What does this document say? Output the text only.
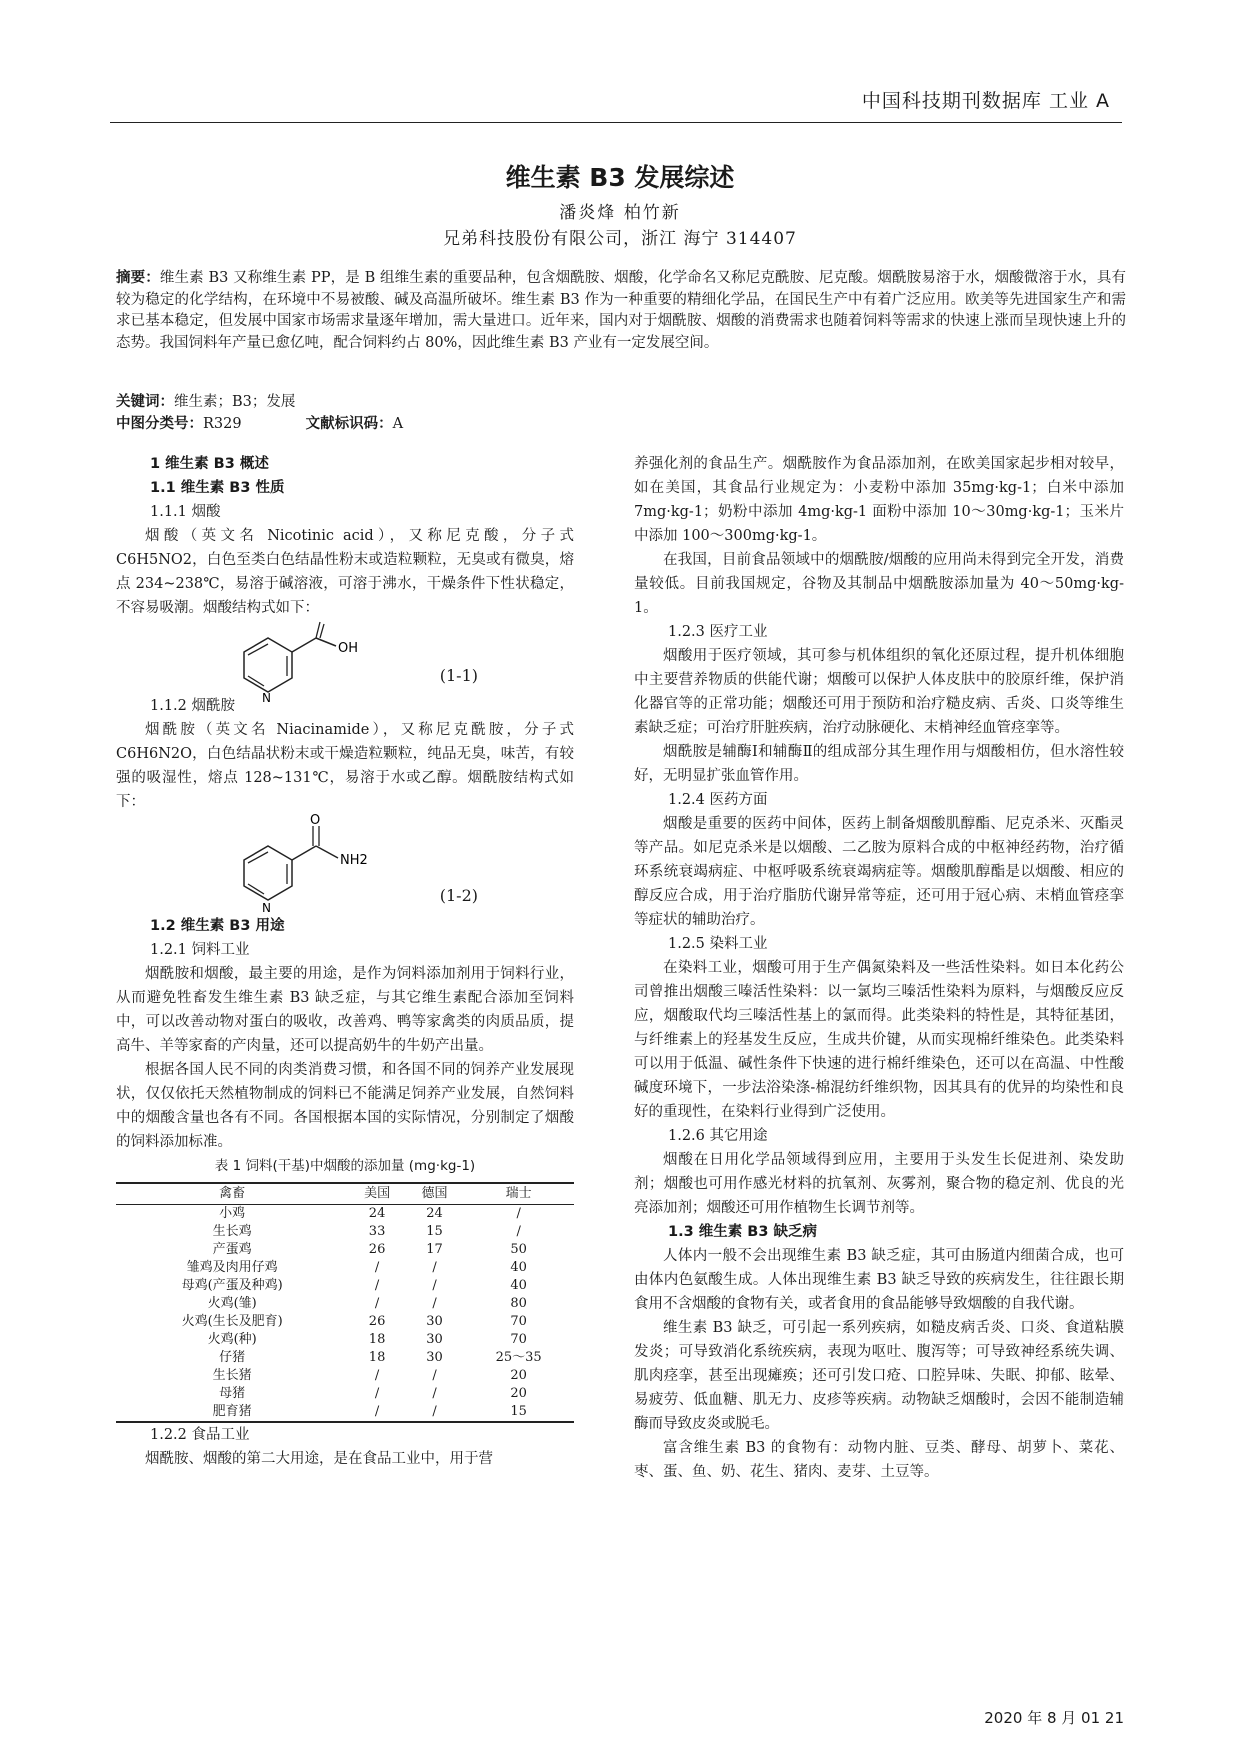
中国科技期刊数据库 工业 A
维生素 B3 发展综述
潘炎烽 柏竹新
兄弟科技股份有限公司，浙江 海宁 314407
摘要：维生素 B3 又称维生素 PP，是 B 组维生素的重要品种，包含烟酰胺、烟酸，化学命名又称尼克酰胺、尼克酸。烟酰胺易溶于水，烟酸微溶于水，具有较为稳定的化学结构，在环境中不易被酸、碱及高温所破坏。维生素 B3 作为一种重要的精细化学品，在国民生产中有着广泛应用。欧美等先进国家生产和需求已基本稳定，但发展中国家市场需求量逐年增加，需大量进口。近年来，国内对于烟酰胺、烟酸的消费需求也随着饲料等需求的快速上涨而呈现快速上升的态势。我国饲料年产量已愈亿吨，配合饲料约占 80%，因此维生素 B3 产业有一定发展空间。
关键词：维生素；B3；发展
中图分类号：R329	文献标识码：A
1 维生素 B3 概述
1.1 维生素 B3 性质
1.1.1 烟酸

烟酸（英文名 Nicotinic acid），又称尼克酸，分子式 C6H5NO2，白色至类白色结晶性粉末或造粒颗粒，无臭或有微臭，熔点 234~238℃，易溶于碱溶液，可溶于沸水，干燥条件下性状稳定，不容易吸潮。烟酸结构式如下：

OH
N
(1-1)
1.1.2 烟酰胺

烟酰胺（英文名 Niacinamide），又称尼克酰胺，分子式 C6H6N2O，白色结晶状粉末或干燥造粒颗粒，纯品无臭，味苦，有较强的吸湿性，熔点 128~131℃，易溶于水或乙醇。烟酰胺结构式如下：

O
NH2
N
(1-2)
1.2 维生素 B3 用途
1.2.1 饲料工业

烟酰胺和烟酸，最主要的用途，是作为饲料添加剂用于饲料行业，从而避免牲畜发生维生素 B3 缺乏症，与其它维生素配合添加至饲料中，可以改善动物对蛋白的吸收，改善鸡、鸭等家禽类的肉质品质，提高牛、羊等家畜的产肉量，还可以提高奶牛的牛奶产出量。

根据各国人民不同的肉类消费习惯，和各国不同的饲养产业发展现状，仅仅依托天然植物制成的饲料已不能满足饲养产业发展，自然饲料中的烟酸含量也各有不同。各国根据本国的实际情况，分别制定了烟酸的饲料添加标准。

表 1 饲料(干基)中烟酸的添加量 (mg·kg-1)
禽畜	美国	德国	瑞士
小鸡	24	24	/
生长鸡	33	15	/
产蛋鸡	26	17	50
雏鸡及肉用仔鸡	/	/	40
母鸡(产蛋及种鸡)	/	/	40
火鸡(雏)	/	/	80
火鸡(生长及肥育)	26	30	70
火鸡(种)	18	30	70
仔猪	18	30	25～35
生长猪	/	/	20
母猪	/	/	20
肥育猪	/	/	15
1.2.2 食品工业

烟酰胺、烟酸的第二大用途，是在食品工业中，用于营

养强化剂的食品生产。烟酰胺作为食品添加剂，在欧美国家起步相对较早，如在美国，其食品行业规定为：小麦粉中添加 35mg·kg-1；白米中添加 7mg·kg-1；奶粉中添加 4mg·kg-1 面粉中添加 10～30mg·kg-1；玉米片中添加 100～300mg·kg-1。

在我国，目前食品领域中的烟酰胺/烟酸的应用尚未得到完全开发，消费量较低。目前我国规定，谷物及其制品中烟酰胺添加量为 40～50mg·kg-1。

1.2.3 医疗工业

烟酸用于医疗领域，其可参与机体组织的氧化还原过程，提升机体细胞中主要营养物质的供能代谢；烟酸可以保护人体皮肤中的胶原纤维，保护消化器官等的正常功能；烟酸还可用于预防和治疗糙皮病、舌炎、口炎等维生素缺乏症；可治疗肝脏疾病，治疗动脉硬化、末梢神经血管痉挛等。

烟酰胺是辅酶Ⅰ和辅酶Ⅱ的组成部分其生理作用与烟酸相仿，但水溶性较好，无明显扩张血管作用。

1.2.4 医药方面

烟酸是重要的医药中间体，医药上制备烟酸肌醇酯、尼克杀米、灭酯灵等产品。如尼克杀米是以烟酸、二乙胺为原料合成的中枢神经药物，治疗循环系统衰竭病症、中枢呼吸系统衰竭病症等。烟酸肌醇酯是以烟酸、相应的醇反应合成，用于治疗脂肪代谢异常等症，还可用于冠心病、末梢血管痉挛等症状的辅助治疗。

1.2.5 染料工业

在染料工业，烟酸可用于生产偶氮染料及一些活性染料。如日本化药公司曾推出烟酸三嗪活性染料：以一氯均三嗪活性染料为原料，与烟酸反应反应，烟酸取代均三嗪活性基上的氯而得。此类染料的特性是，其特征基团，与纤维素上的羟基发生反应，生成共价键，从而实现棉纤维染色。此类染料可以用于低温、碱性条件下快速的进行棉纤维染色，还可以在高温、中性酸碱度环境下，一步法浴染涤-棉混纺纤维织物，因其具有的优异的均染性和良好的重现性，在染料行业得到广泛使用。

1.2.6 其它用途

烟酸在日用化学品领域得到应用，主要用于头发生长促进剂、染发助剂；烟酸也可用作感光材料的抗氧剂、灰雾剂，聚合物的稳定剂、优良的光亮添加剂；烟酸还可用作植物生长调节剂等。

1.3 维生素 B3 缺乏病

人体内一般不会出现维生素 B3 缺乏症，其可由肠道内细菌合成，也可由体内色氨酸生成。人体出现维生素 B3 缺乏导致的疾病发生，往往跟长期食用不含烟酸的食物有关，或者食用的食品能够导致烟酸的自我代谢。

维生素 B3 缺乏，可引起一系列疾病，如糙皮病舌炎、口炎、食道粘膜发炎；可导致消化系统疾病，表现为呕吐、腹泻等；可导致神经系统失调、肌肉痉挛，甚至出现瘫痪；还可引发口疮、口腔异味、失眠、抑郁、眩晕、易疲劳、低血糖、肌无力、皮疹等疾病。动物缺乏烟酸时，会因不能制造辅酶而导致皮炎或脱毛。

富含维生素 B3 的食物有：动物内脏、豆类、酵母、胡萝卜、菜花、枣、蛋、鱼、奶、花生、猪肉、麦芽、土豆等。

2020 年 8 月 01 21
